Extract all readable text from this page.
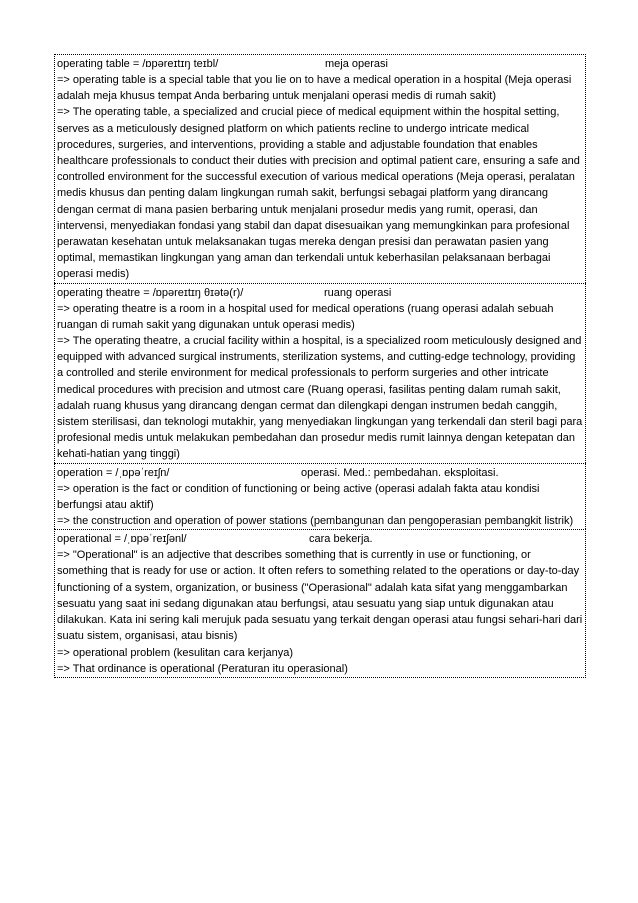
operating table = /ɒpəreɪtɪŋ teɪbl/	meja operasi

=> operating table is a special table that you lie on to have a medical operation in a hospital (Meja operasi adalah meja khusus tempat Anda berbaring untuk menjalani operasi medis di rumah sakit)

=> The operating table, a specialized and crucial piece of medical equipment within the hospital setting, serves as a meticulously designed platform on which patients recline to undergo intricate medical procedures, surgeries, and interventions, providing a stable and adjustable foundation that enables healthcare professionals to conduct their duties with precision and optimal patient care, ensuring a safe and controlled environment for the successful execution of various medical operations (Meja operasi, peralatan medis khusus dan penting dalam lingkungan rumah sakit, berfungsi sebagai platform yang dirancang dengan cermat di mana pasien berbaring untuk menjalani prosedur medis yang rumit, operasi, dan intervensi, menyediakan fondasi yang stabil dan dapat disesuaikan yang memungkinkan para profesional perawatan kesehatan untuk melaksanakan tugas mereka dengan presisi dan perawatan pasien yang optimal, memastikan lingkungan yang aman dan terkendali untuk keberhasilan pelaksanaan berbagai operasi medis)

operating theatre = /ɒpəreɪtɪŋ θɪətə(r)/	ruang operasi

=> operating theatre is a room in a hospital used for medical operations (ruang operasi adalah sebuah ruangan di rumah sakit yang digunakan untuk operasi medis)

=> The operating theatre, a crucial facility within a hospital, is a specialized room meticulously designed and equipped with advanced surgical instruments, sterilization systems, and cutting-edge technology, providing a controlled and sterile environment for medical professionals to perform surgeries and other intricate medical procedures with precision and utmost care (Ruang operasi, fasilitas penting dalam rumah sakit, adalah ruang khusus yang dirancang dengan cermat dan dilengkapi dengan instrumen bedah canggih, sistem sterilisasi, dan teknologi mutakhir, yang menyediakan lingkungan yang terkendali dan steril bagi para profesional medis untuk melakukan pembedahan dan prosedur medis rumit lainnya dengan ketepatan dan kehati-hatian yang tinggi)

operation = /ˌɒpəˈreɪʃn/	operasi. Med.: pembedahan. eksploitasi.

=> operation is the fact or condition of functioning or being active (operasi adalah fakta atau kondisi berfungsi atau aktif)

=> the construction and operation of power stations (pembangunan dan pengoperasian pembangkit listrik)

operational = /ˌɒpəˈreɪʃənl/	cara bekerja.

=> "Operational" is an adjective that describes something that is currently in use or functioning, or something that is ready for use or action. It often refers to something related to the operations or day-to-day functioning of a system, organization, or business ("Operasional" adalah kata sifat yang menggambarkan sesuatu yang saat ini sedang digunakan atau berfungsi, atau sesuatu yang siap untuk digunakan atau dilakukan. Kata ini sering kali merujuk pada sesuatu yang terkait dengan operasi atau fungsi sehari-hari dari suatu sistem, organisasi, atau bisnis)

=> operational problem (kesulitan cara kerjanya)

=> That ordinance is operational (Peraturan itu operasional)
